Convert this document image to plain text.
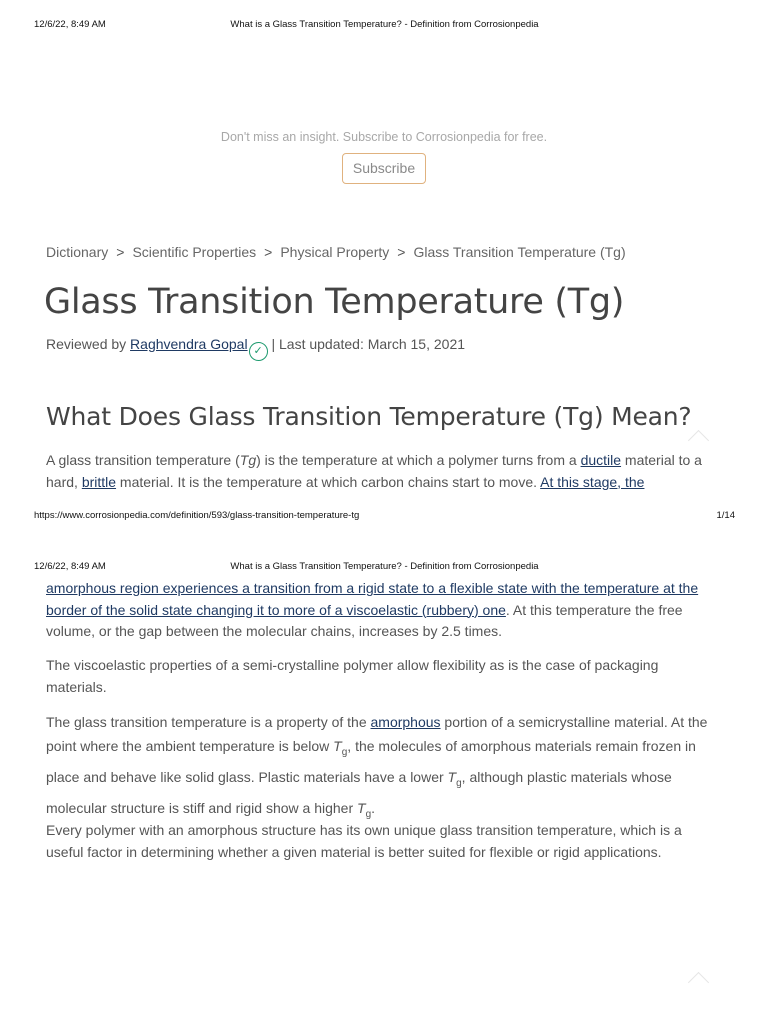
12/6/22, 8:49 AM	What is a Glass Transition Temperature? - Definition from Corrosionpedia
Don't miss an insight. Subscribe to Corrosionpedia for free.
Subscribe
Dictionary > Scientific Properties > Physical Property > Glass Transition Temperature (Tg)
Glass Transition Temperature (Tg)
Reviewed by Raghvendra Gopal ✓ | Last updated: March 15, 2021
What Does Glass Transition Temperature (Tg) Mean?

A glass transition temperature (Tg) is the temperature at which a polymer turns from a ductile material to a hard, brittle material. It is the temperature at which carbon chains start to move. At this stage, the

https://www.corrosionpedia.com/definition/593/glass-transition-temperature-tg	1/14
12/6/22, 8:49 AM	What is a Glass Transition Temperature? - Definition from Corrosionpedia

amorphous region experiences a transition from a rigid state to a flexible state with the temperature at the border of the solid state changing it to more of a viscoelastic (rubbery) one. At this temperature the free volume, or the gap between the molecular chains, increases by 2.5 times.

The viscoelastic properties of a semi-crystalline polymer allow flexibility as is the case of packaging materials.

The glass transition temperature is a property of the amorphous portion of a semicrystalline material. At the point where the ambient temperature is below $T_g$, the molecules of amorphous materials remain frozen in place and behave like solid glass. Plastic materials have a lower $T_g$, although plastic materials whose molecular structure is stiff and rigid show a higher $T_g$.

Every polymer with an amorphous structure has its own unique glass transition temperature, which is a useful factor in determining whether a given material is better suited for flexible or rigid applications.
